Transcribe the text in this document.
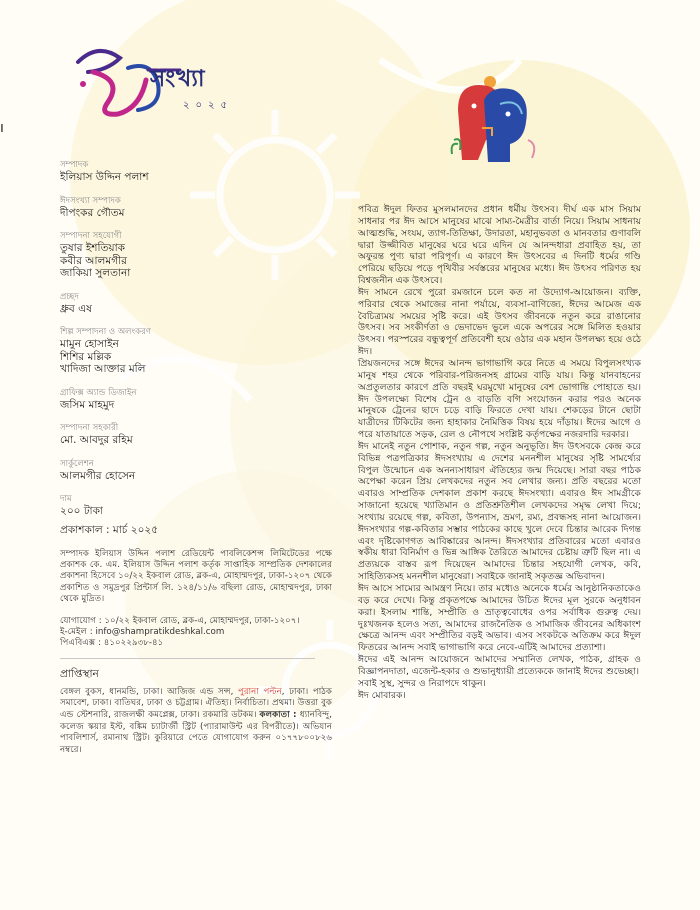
সংখ্যা
২০২৫
ı
সম্পাদক
ইলিয়াস উদ্দিন পলাশ
ঈদসংখ্যা সম্পাদক
দীপংকর গৌতম
সম্পাদনা সহযোগী
তুষার ইশতিয়াক
কবীর আলমগীর
জাকিয়া সুলতানা
প্রচ্ছদ
ধ্রুব এষ
শিল্প সম্পাদনা ও অলংকরণ
মামুন হোসাইন
শিশির মল্লিক
খাদিজা আক্তার মলি
গ্রাফিক্স অ্যান্ড ডিজাইন
জসিম মাহমুদ
সম্পাদনা সহকারী
মো. আবদুর রহিম
সার্কুলেশন
আলমগীর হোসেন
দাম
২০০ টাকা
প্রকাশকাল : মার্চ ২০২৫
সম্পাদক ইলিয়াস উদ্দিন পলাশ রেডিয়েন্ট পাবলিকেশন্স লিমিটেডের পক্ষে প্রকাশক কে. এম. ইলিয়াস উদ্দিন পলাশ কর্তৃক সাপ্তাহিক সাম্প্রতিক দেশকালের প্রকাশনা হিসেবে ১০/২২ ইকবাল রোড, ব্লক-এ, মোহাম্মদপুর, ঢাকা-১২০৭ থেকে প্রকাশিত ও সমুদ্রপুর প্রিন্টার্স লি. ১২৪/১১/৬ বছিলা রোড, মোহাম্মদপুর, ঢাকা থেকে মুদ্রিত।
যোগাযোগ : ১০/২২ ইকবাল রোড, ব্লক-এ, মোহাম্মদপুর, ঢাকা-১২০৭।
ই-মেইল : info@shampratikdeshkal.com
পিএবিএক্স : ৪১০২২৯৩৮-৪১
প্রাপ্তিস্থান
বেঙ্গল বুকস, ধানমন্ডি, ঢাকা। আজিজ এন্ড সন্স, পুরানা পল্টন, ঢাকা। পাঠক সমাবেশ, ঢাকা। বাতিঘর, ঢাকা ও চট্টগ্রাম। ঐতিহ্য। নির্বাচিতা। প্রথমা। উত্তরা বুক এন্ড স্টেশনারি, রাজলক্ষী কমপ্লেক্স, ঢাকা। রকমারি ডটকম। কলকাতা : ধ্যানবিন্দু, কলেজ স্কয়ার ইস্ট, বঙ্কিম চ্যাটার্জী স্ট্রিট (প্যারামাউন্ট এর বিপরীতে)। অভিযান পাবলিশার্স, রমানাথ স্ট্রিট। কুরিয়ারে পেতে যোগাযোগ করুন ০১৭৭৮০০৮২৬ নম্বরে।

পবিত্র ঈদুল ফিতর মুসলমানদের প্রধান ধর্মীয় উৎসব। দীর্ঘ এক মাস সিয়াম সাধনার পর ঈদ আসে মানুষের মাঝে সাম্য-মৈত্রীর বার্তা নিয়ে। সিয়াম সাধনায় আত্মশুদ্ধি, সংযম, ত্যাগ-তিতিক্ষা, উদারতা, মহানুভবতা ও মানবতার গুণাবলি দ্বারা উজ্জীবিত মানুষের ঘরে ঘরে এদিন যে আনন্দধারা প্রবাহিত হয়, তা অফুরন্ত পুণ্য দ্বারা পরিপূর্ণ। এ কারণে ঈদ উৎসবের এ দিনটি ধর্মের গণ্ডি পেরিয়ে ছড়িয়ে পড়ে পৃথিবীর সর্বস্তরের মানুষের মধ্যে। ঈদ উৎসব পরিণত হয় বিশ্বজনীন এক উৎসবে।

ঈদ সামনে রেখে পুরো রমজানে চলে কত না উদ্যোগ-আয়োজন। ব্যক্তি, পরিবার থেকে সমাজের নানা পর্যায়ে, ব্যবসা-বাণিজ্যে, ঈদের আমেজ এক বৈচিত্র্যময় সময়ের সৃষ্টি করে। এই উৎসব জীবনকে নতুন করে রাঙানোর উৎসব। সব সংকীর্ণতা ও ভেদাভেদ ভুলে একে অপরের সঙ্গে মিলিত হওয়ার উৎসব। পরস্পরের বন্ধুত্বপূর্ণ প্রতিবেশী হয়ে ওঠার এক মহান উপলক্ষ্য হয়ে ওঠে ঈদ।

প্রিয়জনদের সঙ্গে ঈদের আনন্দ ভাগাভাগি করে নিতে এ সময়ে বিপুলসংখ্যক মানুষ শহর থেকে পরিবার-পরিজনসহ গ্রামের বাড়ি যায়। কিন্তু যানবাহনের অপ্রতুলতার কারণে প্রতি বছরই ঘরমুখো মানুষের বেশ ভোগান্তি পোহাতে হয়। ঈদ উপলক্ষ্যে বিশেষ ট্রেন ও বাড়তি বগি সংযোজন করার পরও অনেক মানুষকে ট্রেনের ছাদে চড়ে বাড়ি ফিরতে দেখা যায়। শেকড়ের টানে ছোটা যাত্রীদের টিকিটের জন্য হাহাকার নৈমিত্তিক বিষয় হয়ে দাঁড়ায়। ঈদের আগে ও পরে যাতায়াতে সড়ক, রেল ও নৌপথে সংশ্লিষ্ট কর্তৃপক্ষের নজরদারি দরকার।

ঈদ মানেই নতুন পোশাক, নতুন গল্প, নতুন অনুভূতি। ঈদ উৎসবকে কেন্দ্র করে বিভিন্ন পত্রপত্রিকার ঈদসংখ্যায় এ দেশের মননশীল মানুষের সৃষ্টি সামর্থ্যের বিপুল উন্মোচন এক অনন্যসাধারণ ঐতিহ্যের জন্ম দিয়েছে। সারা বছর পাঠক অপেক্ষা করেন প্রিয় লেখকদের নতুন সব লেখার জন্য। প্রতি বছরের মতো এবারও সাম্প্রতিক দেশকাল প্রকাশ করছে ঈদসংখ্যা। এবারও ঈদ সামগ্রীকে সাজানো হয়েছে খ্যাতিমান ও প্রতিশ্রুতিশীল লেখকদের সমৃদ্ধ লেখা দিয়ে; সংখ্যায় রয়েছে গল্প, কবিতা, উপন্যাস, ভ্রমণ, রম্য, প্রবন্ধসহ নানা আয়োজন। ঈদসংখ্যার গল্প-কবিতার সম্ভার পাঠকের কাছে খুলে দেবে চিন্তার আরেক দিগন্ত এবং দৃষ্টিকোণগত আবিষ্কারের আনন্দ। ঈদসংখ্যার প্রতিবারের মতো এবারও স্বকীয় ধারা বিনির্মাণ ও ভিন্ন আঙ্গিক তৈরিতে আমাদের চেষ্টায় ত্রুটি ছিল না। এ প্রত্যয়কে বাস্তব রূপ দিয়েছেন আমাদের চিন্তার সহযোগী লেখক, কবি, সাহিত্যিকসহ মননশীল মানুষেরা। সবাইকে জানাই সকৃতজ্ঞ অভিবাদন।

ঈদ আসে সাম্যের আমন্ত্রণ নিয়ে। তার মধ্যেও অনেকে ধর্মের আনুষ্ঠানিকতাকেও বড় করে দেখে। কিন্তু প্রকৃতপক্ষে আমাদের উচিত ঈদের মূল সুরকে অনুধাবন করা। ইসলাম শান্তি, সম্প্রীতি ও ভ্রাতৃত্ববোধের ওপর সর্বাধিক গুরুত্ব দেয়। দুঃখজনক হলেও সত্য, আমাদের রাজনৈতিক ও সামাজিক জীবনের অধিকাংশ ক্ষেত্রে আনন্দ এবং সম্প্রীতির বড়ই অভাব। এসব সংকটকে অতিক্রম করে ঈদুল ফিতরের আনন্দ সবাই ভাগাভাগি করে নেবে-এটিই আমাদের প্রত্যাশা।

ঈদের এই আনন্দ আয়োজনে আমাদের সম্মানিত লেখক, পাঠক, গ্রাহক ও বিজ্ঞাপনদাতা, এজেন্ট-হকার ও শুভানুধ্যায়ী প্রত্যেককে জানাই ঈদের শুভেচ্ছা।

সবাই সুস্থ, সুন্দর ও নিরাপদে থাকুন।

ঈদ মোবারক।
